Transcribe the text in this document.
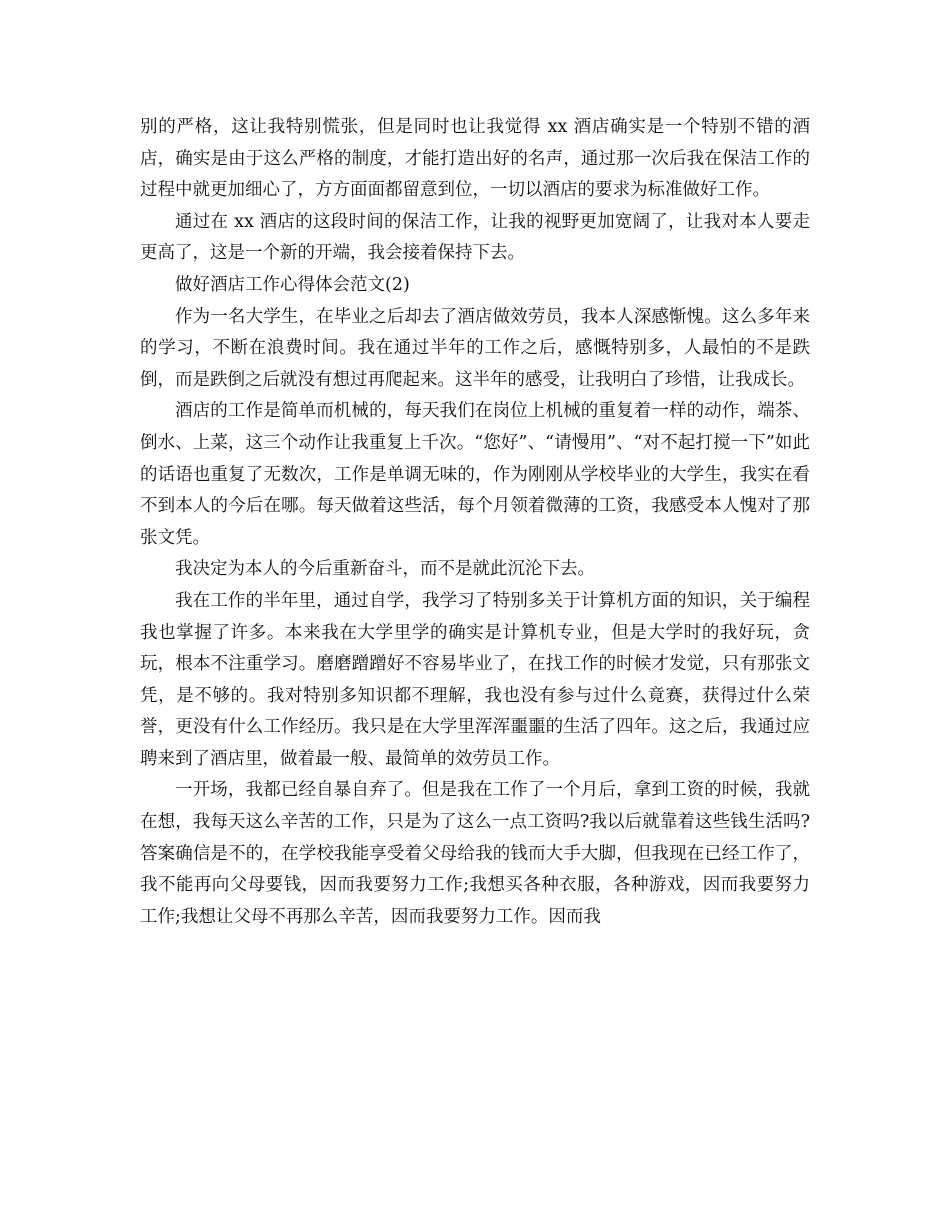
别的严格，这让我特别慌张，但是同时也让我觉得 xx 酒店确实是一个特别不错的酒店，确实是由于这么严格的制度，才能打造出好的名声，通过那一次后我在保洁工作的过程中就更加细心了，方方面面都留意到位，一切以酒店的要求为标准做好工作。

通过在 xx 酒店的这段时间的保洁工作，让我的视野更加宽阔了，让我对本人要走更高了，这是一个新的开端，我会接着保持下去。

做好酒店工作心得体会范文(2)

作为一名大学生，在毕业之后却去了酒店做效劳员，我本人深感惭愧。这么多年来的学习，不断在浪费时间。我在通过半年的工作之后，感慨特别多，人最怕的不是跌倒，而是跌倒之后就没有想过再爬起来。这半年的感受，让我明白了珍惜，让我成长。

酒店的工作是简单而机械的，每天我们在岗位上机械的重复着一样的动作，端茶、倒水、上菜，这三个动作让我重复上千次。“您好”、“请慢用”、“对不起打搅一下”如此的话语也重复了无数次，工作是单调无味的，作为刚刚从学校毕业的大学生，我实在看不到本人的今后在哪。每天做着这些活，每个月领着微薄的工资，我感受本人愧对了那张文凭。

我决定为本人的今后重新奋斗，而不是就此沉沦下去。

我在工作的半年里，通过自学，我学习了特别多关于计算机方面的知识，关于编程我也掌握了许多。本来我在大学里学的确实是计算机专业，但是大学时的我好玩，贪玩，根本不注重学习。磨磨蹭蹭好不容易毕业了，在找工作的时候才发觉，只有那张文凭，是不够的。我对特别多知识都不理解，我也没有参与过什么竟赛，获得过什么荣誉，更没有什么工作经历。我只是在大学里浑浑噩噩的生活了四年。这之后，我通过应聘来到了酒店里，做着最一般、最简单的效劳员工作。

一开场，我都已经自暴自弃了。但是我在工作了一个月后，拿到工资的时候，我就在想，我每天这么辛苦的工作，只是为了这么一点工资吗?我以后就靠着这些钱生活吗?答案确信是不的，在学校我能享受着父母给我的钱而大手大脚，但我现在已经工作了，我不能再向父母要钱，因而我要努力工作;我想买各种衣服，各种游戏，因而我要努力工作;我想让父母不再那么辛苦，因而我要努力工作。因而我
